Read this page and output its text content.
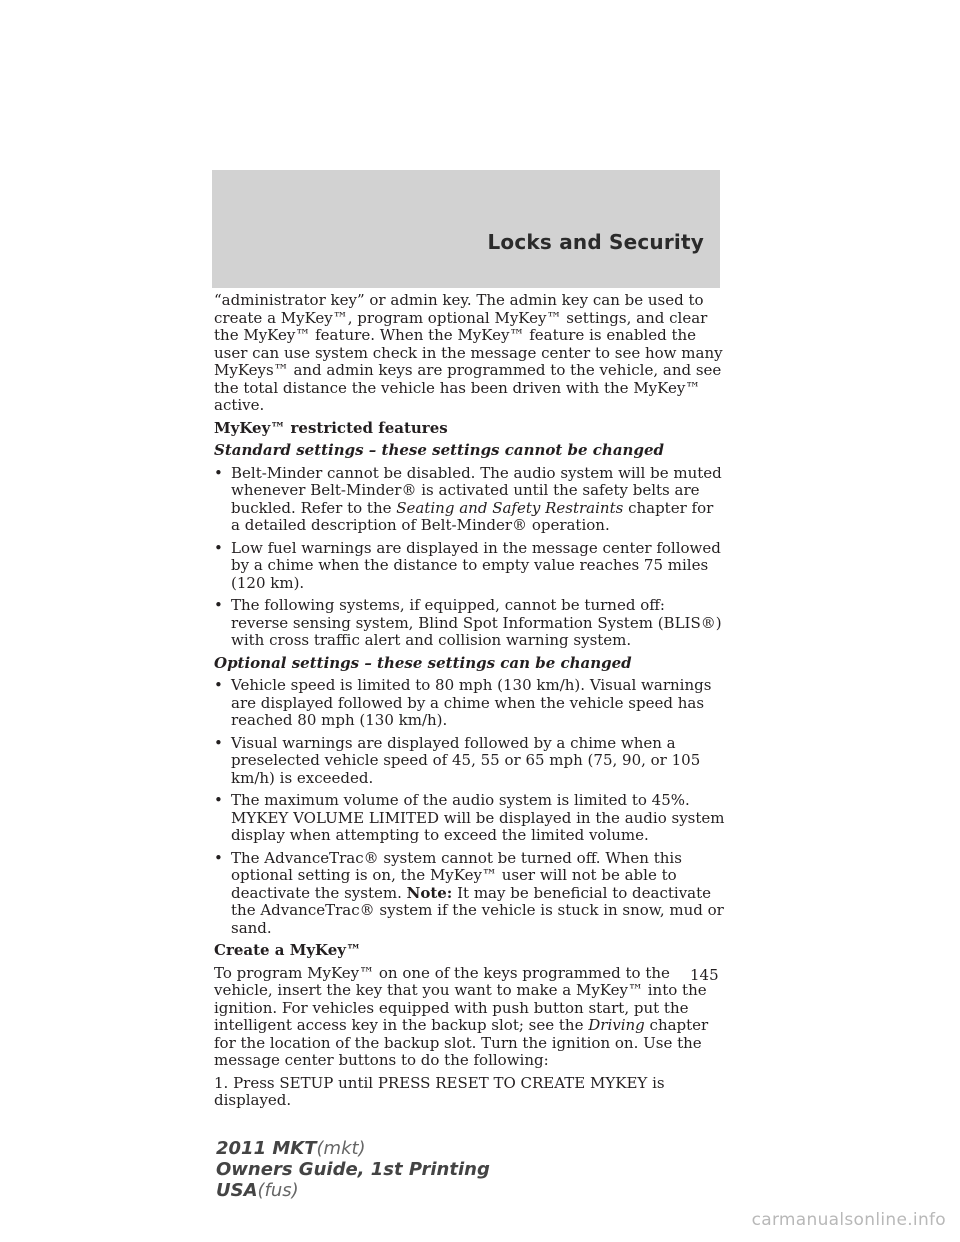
Locks and Security

“administrator key” or admin key. The admin key can be used to create a MyKey™, program optional MyKey™ settings, and clear the MyKey™ feature. When the MyKey™ feature is enabled the user can use system check in the message center to see how many MyKeys™ and admin keys are programmed to the vehicle, and see the total distance the vehicle has been driven with the MyKey™ active.

MyKey™ restricted features

Standard settings – these settings cannot be changed

• Belt-Minder cannot be disabled. The audio system will be muted whenever Belt-Minder® is activated until the safety belts are buckled. Refer to the Seating and Safety Restraints chapter for a detailed description of Belt-Minder® operation.
• Low fuel warnings are displayed in the message center followed by a chime when the distance to empty value reaches 75 miles (120 km).
• The following systems, if equipped, cannot be turned off: reverse sensing system, Blind Spot Information System (BLIS®) with cross traffic alert and collision warning system.

Optional settings – these settings can be changed

• Vehicle speed is limited to 80 mph (130 km/h). Visual warnings are displayed followed by a chime when the vehicle speed has reached 80 mph (130 km/h).
• Visual warnings are displayed followed by a chime when a preselected vehicle speed of 45, 55 or 65 mph (75, 90, or 105 km/h) is exceeded.
• The maximum volume of the audio system is limited to 45%. MYKEY VOLUME LIMITED will be displayed in the audio system display when attempting to exceed the limited volume.
• The AdvanceTrac® system cannot be turned off. When this optional setting is on, the MyKey™ user will not be able to deactivate the system. Note: It may be beneficial to deactivate the AdvanceTrac® system if the vehicle is stuck in snow, mud or sand.

Create a MyKey™

To program MyKey™ on one of the keys programmed to the vehicle, insert the key that you want to make a MyKey™ into the ignition. For vehicles equipped with push button start, put the intelligent access key in the backup slot; see the Driving chapter for the location of the backup slot. Turn the ignition on. Use the message center buttons to do the following:

1. Press SETUP until PRESS RESET TO CREATE MYKEY is displayed.

145
2011 MKT(mkt)
Owners Guide, 1st Printing
USA(fus)
carmanualsonline.info
